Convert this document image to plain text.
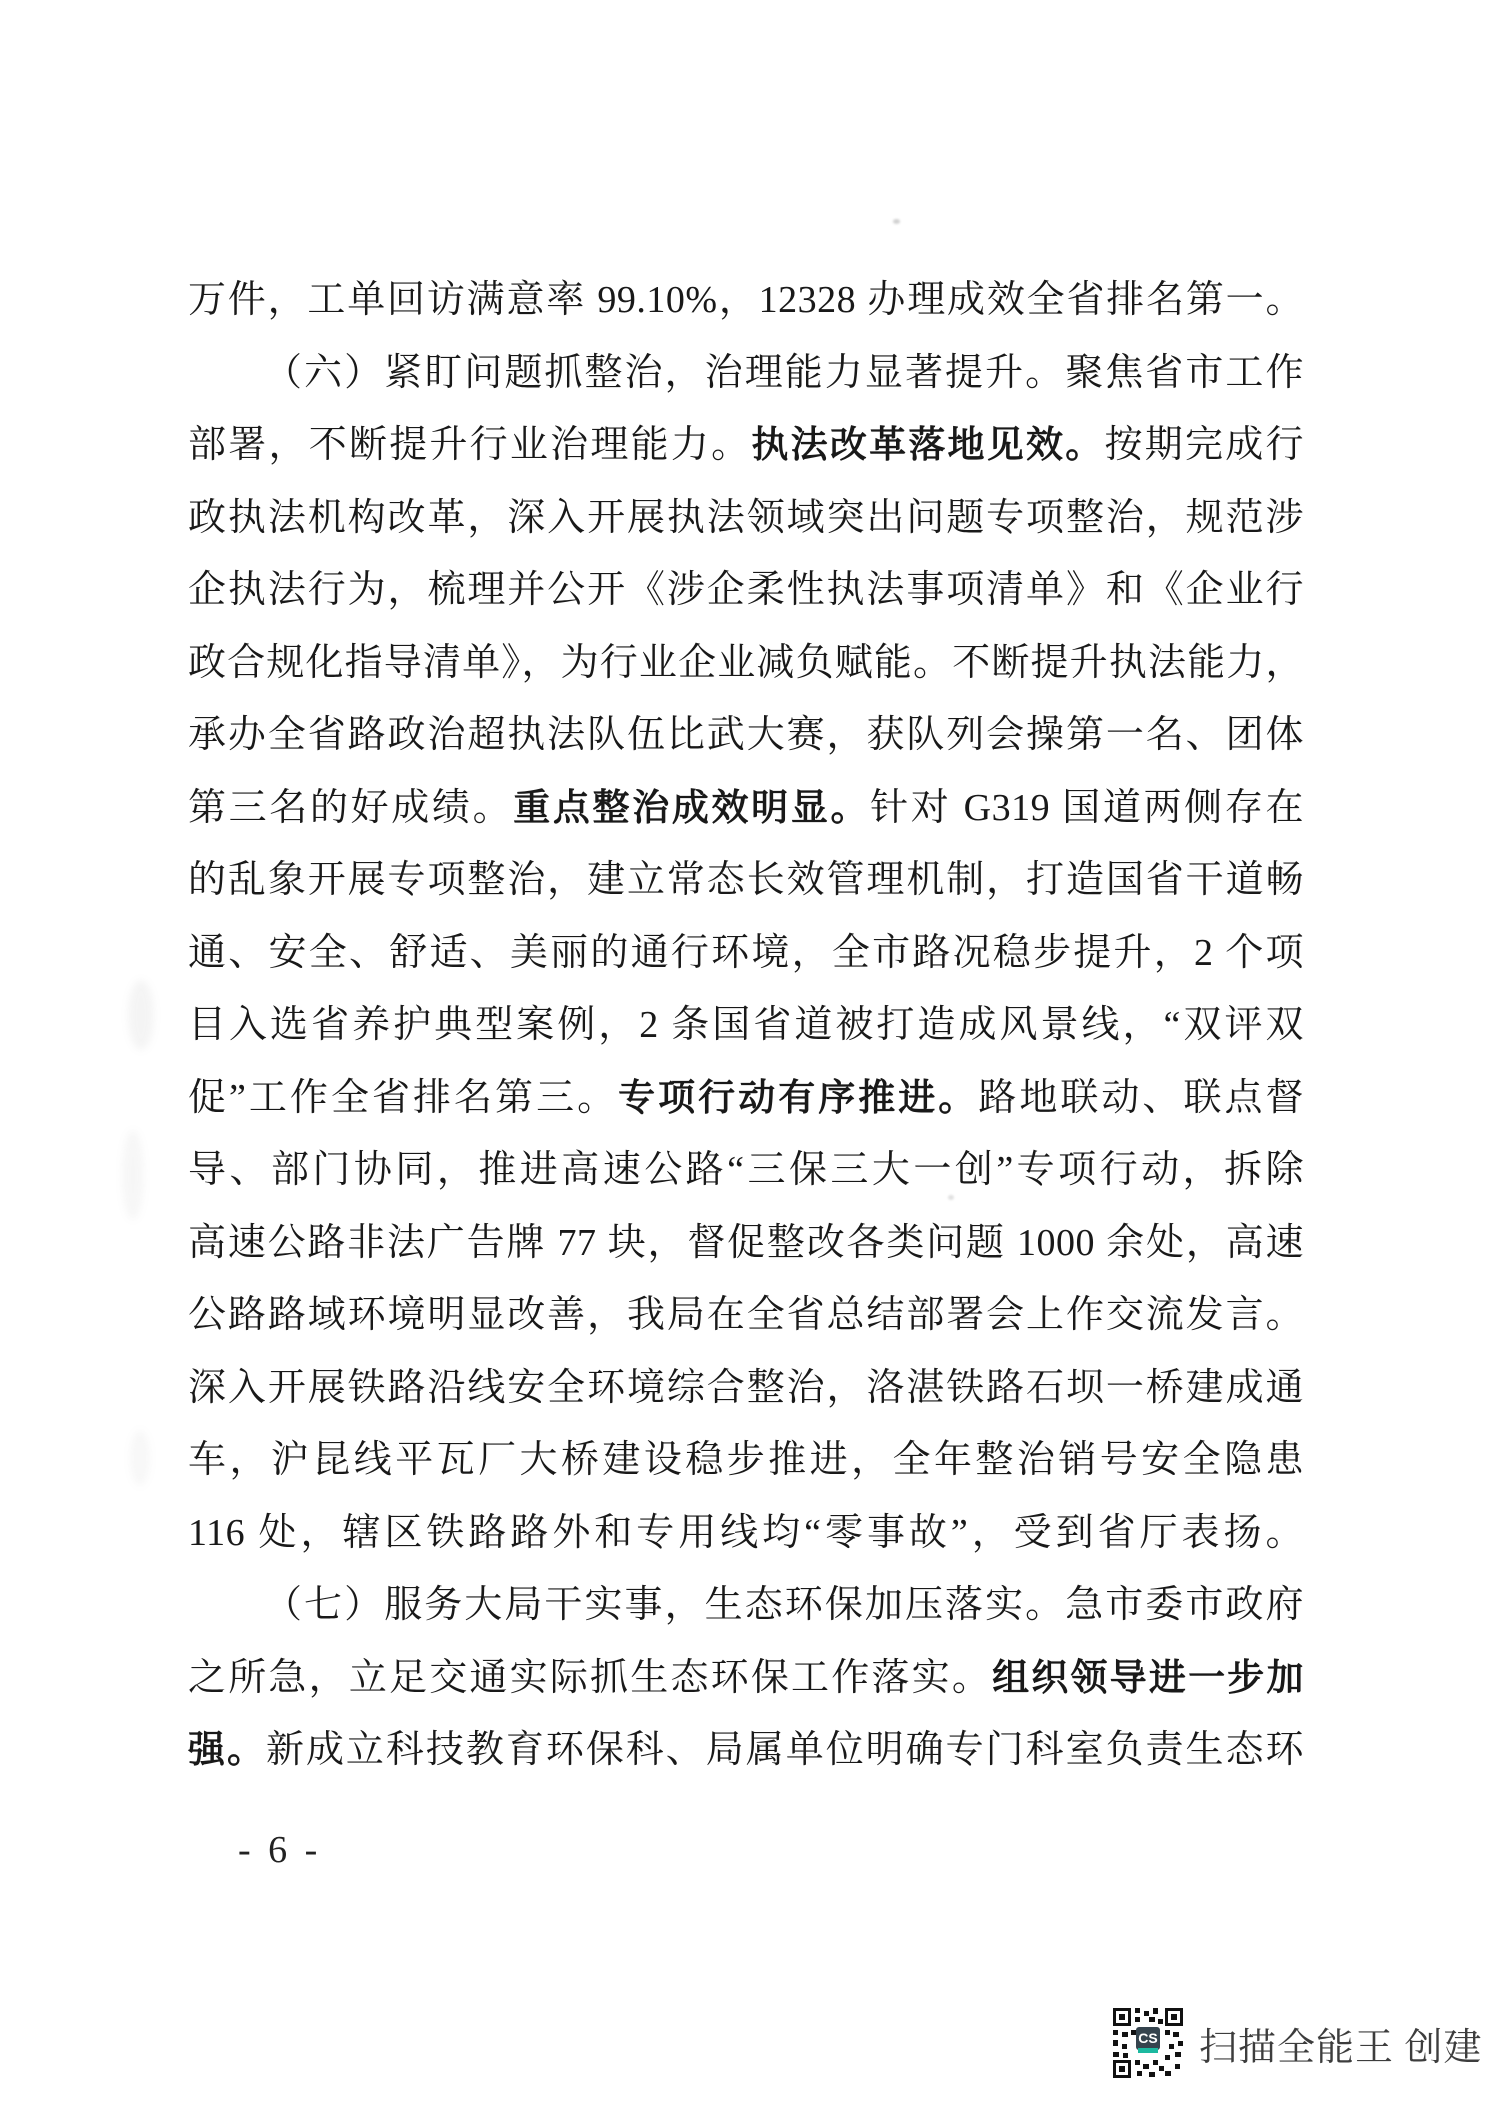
万件，工单回访满意率 99.10%，12328 办理成效全省排名第一。
（六）紧盯问题抓整治，治理能力显著提升。聚焦省市工作
部署，不断提升行业治理能力。执法改革落地见效。按期完成行
政执法机构改革，深入开展执法领域突出问题专项整治，规范涉
企执法行为，梳理并公开《涉企柔性执法事项清单》和《企业行
政合规化指导清单》，为行业企业减负赋能。不断提升执法能力，
承办全省路政治超执法队伍比武大赛，获队列会操第一名、团体
第三名的好成绩。重点整治成效明显。针对 G319 国道两侧存在
的乱象开展专项整治，建立常态长效管理机制，打造国省干道畅
通、安全、舒适、美丽的通行环境，全市路况稳步提升，2 个项
目入选省养护典型案例，2 条国省道被打造成风景线，“双评双
促”工作全省排名第三。专项行动有序推进。路地联动、联点督
导、部门协同，推进高速公路“三保三大一创”专项行动，拆除
高速公路非法广告牌 77 块，督促整改各类问题 1000 余处，高速
公路路域环境明显改善，我局在全省总结部署会上作交流发言。
深入开展铁路沿线安全环境综合整治，洛湛铁路石坝一桥建成通
车，沪昆线平瓦厂大桥建设稳步推进，全年整治销号安全隐患
116 处，辖区铁路路外和专用线均“零事故”，受到省厅表扬。
（七）服务大局干实事，生态环保加压落实。急市委市政府
之所急，立足交通实际抓生态环保工作落实。组织领导进一步加
强。新成立科技教育环保科、局属单位明确专门科室负责生态环
- 6 -
CS 扫描全能王 创建
